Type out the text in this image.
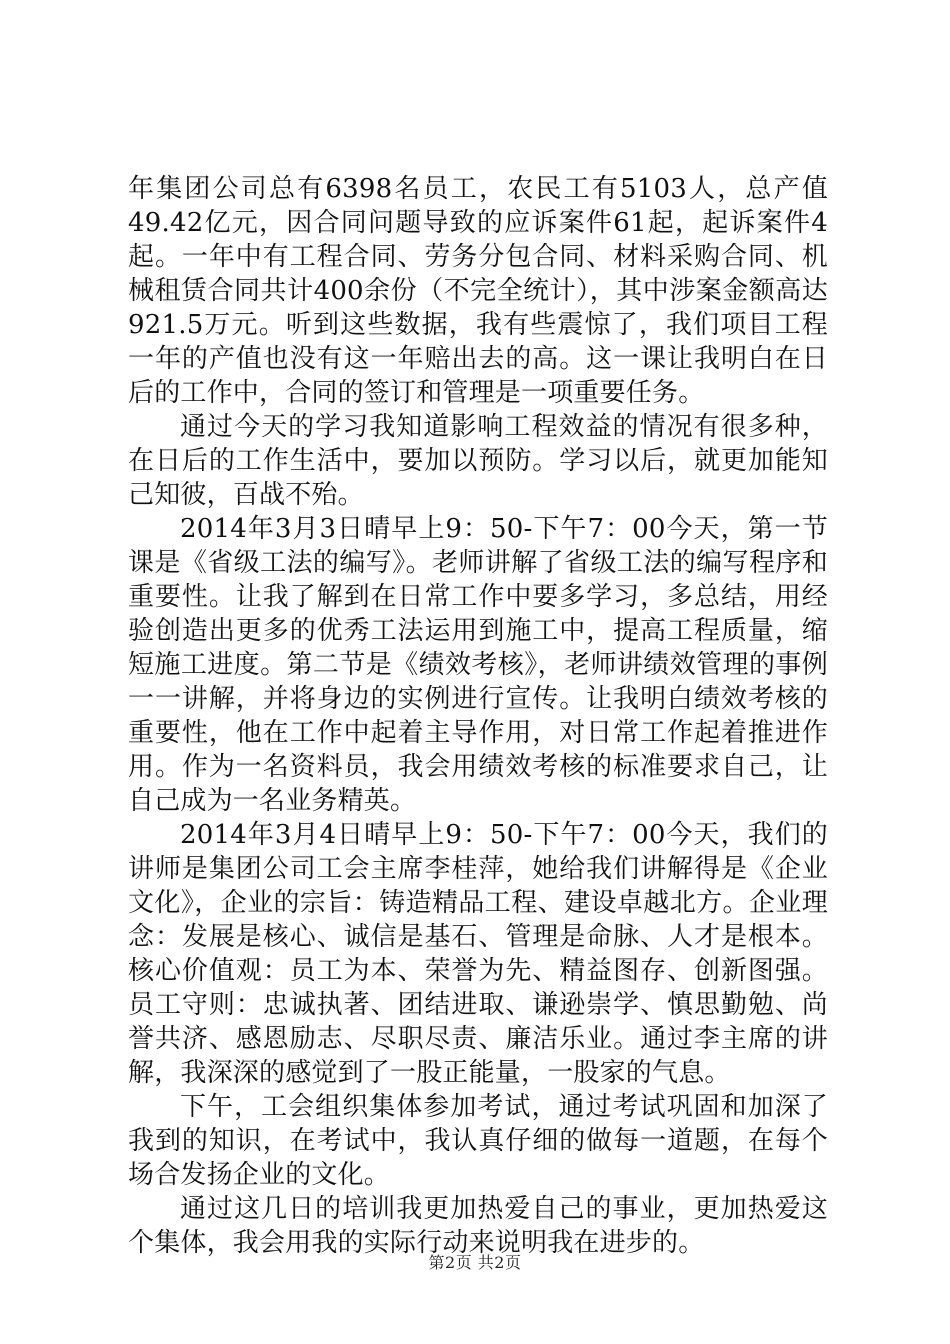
年集团公司总有6398名员工，农民工有5103人，总产值49.42亿元，因合同问题导致的应诉案件61起，起诉案件4起。一年中有工程合同、劳务分包合同、材料采购合同、机械租赁合同共计400余份（不完全统计），其中涉案金额高达921.5万元。听到这些数据，我有些震惊了，我们项目工程一年的产值也没有这一年赔出去的高。这一课让我明白在日后的工作中，合同的签订和管理是一项重要任务。

通过今天的学习我知道影响工程效益的情况有很多种，在日后的工作生活中，要加以预防。学习以后，就更加能知己知彼，百战不殆。

2014年3月3日晴早上9：50-下午7：00今天，第一节课是《省级工法的编写》。老师讲解了省级工法的编写程序和重要性。让我了解到在日常工作中要多学习，多总结，用经验创造出更多的优秀工法运用到施工中，提高工程质量，缩短施工进度。第二节是《绩效考核》，老师讲绩效管理的事例一一讲解，并将身边的实例进行宣传。让我明白绩效考核的重要性，他在工作中起着主导作用，对日常工作起着推进作用。作为一名资料员，我会用绩效考核的标准要求自己，让自己成为一名业务精英。

2014年3月4日晴早上9：50-下午7：00今天，我们的讲师是集团公司工会主席李桂萍，她给我们讲解得是《企业文化》，企业的宗旨：铸造精品工程、建设卓越北方。企业理念：发展是核心、诚信是基石、管理是命脉、人才是根本。核心价值观：员工为本、荣誉为先、精益图存、创新图强。员工守则：忠诚执著、团结进取、谦逊崇学、慎思勤勉、尚誉共济、感恩励志、尽职尽责、廉洁乐业。通过李主席的讲解，我深深的感觉到了一股正能量，一股家的气息。

下午，工会组织集体参加考试，通过考试巩固和加深了我到的知识，在考试中，我认真仔细的做每一道题，在每个场合发扬企业的文化。

通过这几日的培训我更加热爱自己的事业，更加热爱这个集体，我会用我的实际行动来说明我在进步的。

第2页 共2页
